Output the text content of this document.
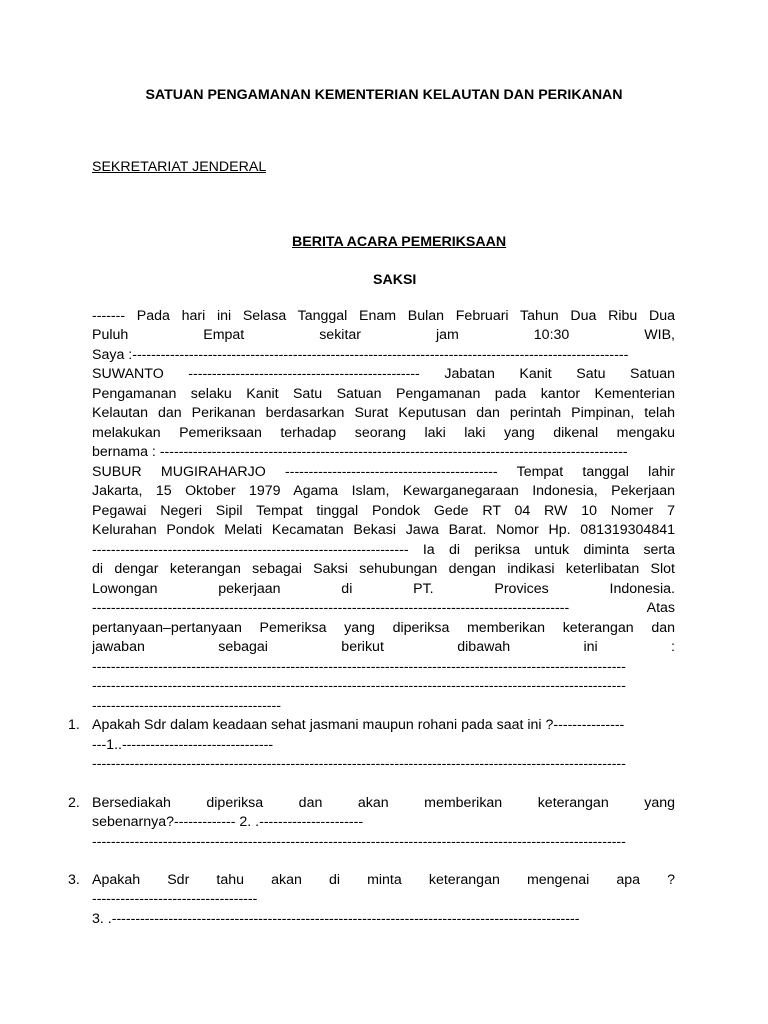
SATUAN PENGAMANAN KEMENTERIAN KELAUTAN DAN PERIKANAN
SEKRETARIAT JENDERAL
BERITA ACARA PEMERIKSAAN
SAKSI
------- Pada hari ini Selasa Tanggal Enam Bulan Februari Tahun Dua Ribu Dua
Puluh Empat sekitar jam 10:30 WIB,
Saya :---------------------------------------------------------------------------------------------------------
SUWANTO ------------------------------------------------- Jabatan Kanit Satu Satuan
Pengamanan selaku Kanit Satu Satuan Pengamanan pada kantor Kementerian
Kelautan dan Perikanan berdasarkan Surat Keputusan dan perintah Pimpinan, telah
melakukan Pemeriksaan terhadap seorang laki laki yang dikenal mengaku
bernama : ---------------------------------------------------------------------------------------------------
SUBUR MUGIRAHARJO --------------------------------------------- Tempat tanggal lahir
Jakarta, 15 Oktober 1979 Agama Islam, Kewarganegaraan Indonesia, Pekerjaan
Pegawai Negeri Sipil Tempat tinggal Pondok Gede RT 04 RW 10 Nomer 7
Kelurahan Pondok Melati Kecamatan Bekasi Jawa Barat. Nomor Hp. 081319304841
------------------------------------------------------------------- Ia di periksa untuk diminta serta
di dengar keterangan sebagai Saksi sehubungan dengan indikasi keterlibatan Slot
Lowongan pekerjaan di PT. Provices Indonesia.
----------------------------------------------------------------------------------------------------- Atas
pertanyaan–pertanyaan Pemeriksa yang diperiksa memberikan keterangan dan
jawaban sebagai berikut dibawah ini :
-----------------------------------------------------------------------------------------------------------------
-----------------------------------------------------------------------------------------------------------------
----------------------------------------
1. Apakah Sdr dalam keadaan sehat jasmani maupun rohani pada saat ini ?---------------
---1..--------------------------------
-----------------------------------------------------------------------------------------------------------------
2. Bersediakah diperiksa dan akan memberikan keterangan yang
sebenarnya?------------- 2. .----------------------
-----------------------------------------------------------------------------------------------------------------
3. Apakah Sdr tahu akan di minta keterangan mengenai apa ?
-----------------------------------
3. .---------------------------------------------------------------------------------------------------
